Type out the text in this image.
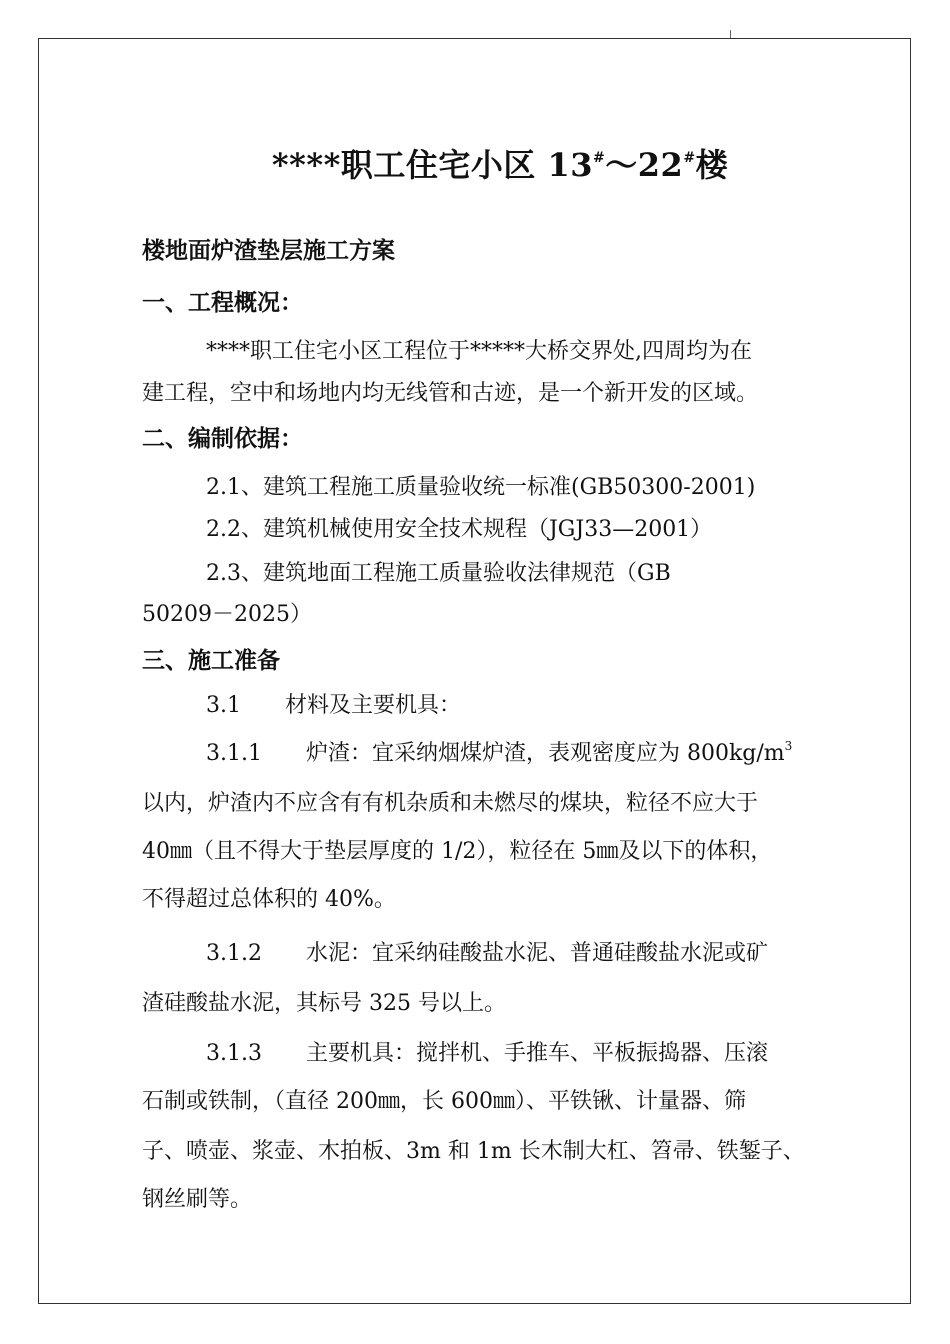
****职工住宅小区 13#～22#楼
楼地面炉渣垫层施工方案
一、工程概况：
****职工住宅小区工程位于*****大桥交界处,四周均为在
建工程，空中和场地内均无线管和古迹，是一个新开发的区域。
二、编制依据：
2.1、建筑工程施工质量验收统一标准(GB50300-2001)
2.2、建筑机械使用安全技术规程（JGJ33—2001）
2.3、建筑地面工程施工质量验收法律规范（GB
50209－2025）
三、施工准备
3.1　　材料及主要机具：
3.1.1　　炉渣：宜采纳烟煤炉渣，表观密度应为 $800kg/m^3$
以内，炉渣内不应含有有机杂质和未燃尽的煤块，粒径不应大于
40㎜（且不得大于垫层厚度的 1/2），粒径在 5㎜及以下的体积，
不得超过总体积的 40%。
3.1.2　　水泥：宜采纳硅酸盐水泥、普通硅酸盐水泥或矿
渣硅酸盐水泥，其标号 325 号以上。
3.1.3　　主要机具：搅拌机、手推车、平板振捣器、压滚
石制或铁制，（直径 200㎜，长 600㎜）、平铁锹、计量器、筛
子、喷壶、浆壶、木拍板、3m 和 1m 长木制大杠、笤帚、铁錾子、
钢丝刷等。
